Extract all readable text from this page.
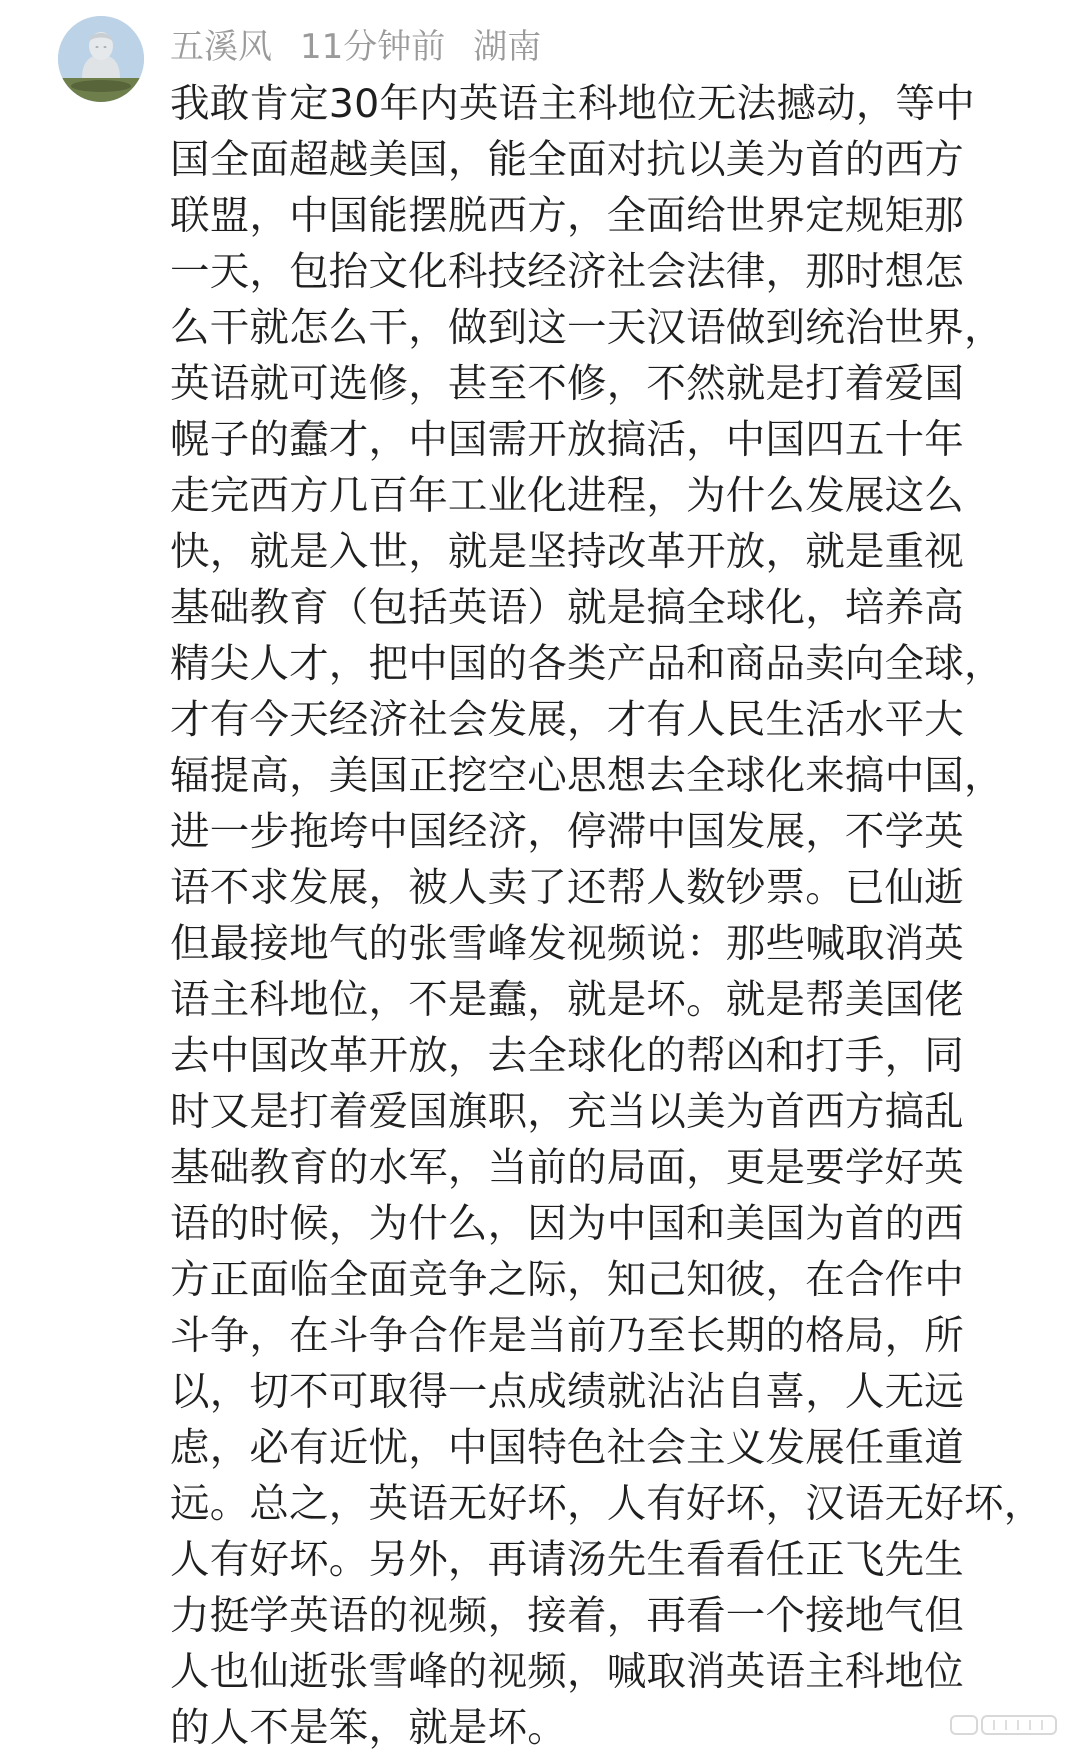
五溪风 11分钟前 湖南
我敢肯定30年内英语主科地位无法撼动，等中
国全面超越美国，能全面对抗以美为首的西方
联盟，中国能摆脱西方，全面给世界定规矩那
一天，包抬文化科技经济社会法律，那时想怎
么干就怎么干，做到这一天汉语做到统治世界，
英语就可选修，甚至不修，不然就是打着爱国
幌子的蠢才，中国需开放搞活，中国四五十年
走完西方几百年工业化进程，为什么发展这么
快，就是入世，就是坚持改革开放，就是重视
基础教育（包括英语）就是搞全球化，培养高
精尖人才，把中国的各类产品和商品卖向全球，
才有今天经济社会发展，才有人民生活水平大
辐提高，美国正挖空心思想去全球化来搞中国，
进一步拖垮中国经济，停滞中国发展，不学英
语不求发展，被人卖了还帮人数钞票。已仙逝
但最接地气的张雪峰发视频说：那些喊取消英
语主科地位，不是蠢，就是坏。就是帮美国佬
去中国改革开放，去全球化的帮凶和打手，同
时又是打着爱国旗职，充当以美为首西方搞乱
基础教育的水军，当前的局面，更是要学好英
语的时候，为什么，因为中国和美国为首的西
方正面临全面竞争之际，知己知彼，在合作中
斗争，在斗争合作是当前乃至长期的格局，所
以，切不可取得一点成绩就沾沾自喜，人无远
虑，必有近忧，中国特色社会主义发展任重道
远。总之，英语无好坏，人有好坏，汉语无好坏，
人有好坏。另外，再请汤先生看看任正飞先生
力挺学英语的视频，接着，再看一个接地气但
人也仙逝张雪峰的视频，喊取消英语主科地位
的人不是笨，就是坏。
